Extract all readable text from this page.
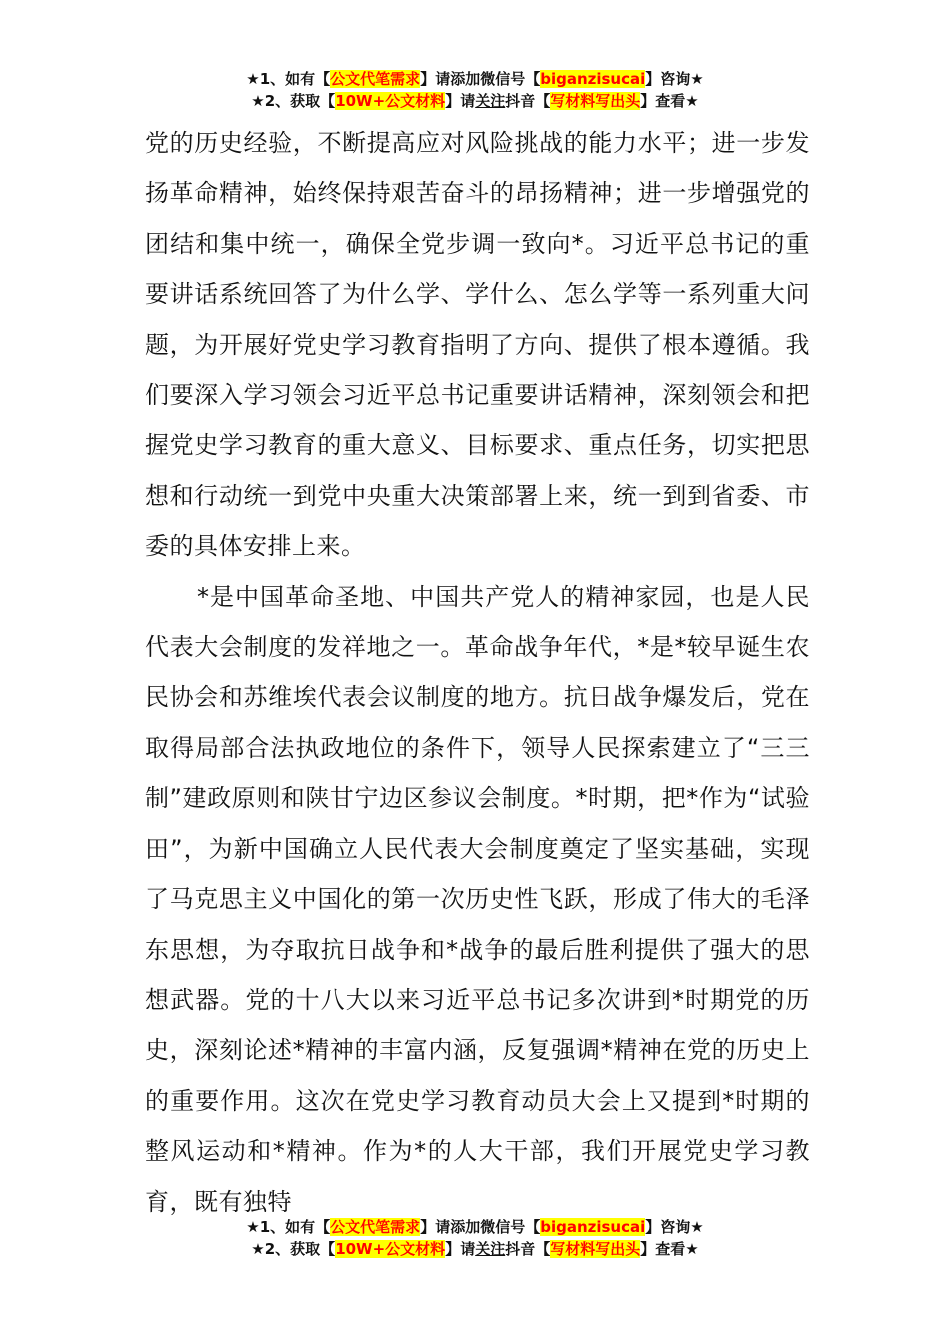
★1、如有【公文代笔需求】请添加微信号【biganzisucai】咨询★
★2、获取【10W+公文材料】请关注抖音【写材料写出头】查看★

党的历史经验，不断提高应对风险挑战的能力水平；进一步发扬革命精神，始终保持艰苦奋斗的昂扬精神；进一步增强党的团结和集中统一，确保全党步调一致向*。习近平总书记的重要讲话系统回答了为什么学、学什么、怎么学等一系列重大问题，为开展好党史学习教育指明了方向、提供了根本遵循。我们要深入学习领会习近平总书记重要讲话精神，深刻领会和把握党史学习教育的重大意义、目标要求、重点任务，切实把思想和行动统一到党中央重大决策部署上来，统一到到省委、市委的具体安排上来。

*是中国革命圣地、中国共产党人的精神家园，也是人民代表大会制度的发祥地之一。革命战争年代，*是*较早诞生农民协会和苏维埃代表会议制度的地方。抗日战争爆发后，党在取得局部合法执政地位的条件下，领导人民探索建立了“三三制”建政原则和陕甘宁边区参议会制度。*时期，把*作为“试验田”，为新中国确立人民代表大会制度奠定了坚实基础，实现了马克思主义中国化的第一次历史性飞跃，形成了伟大的毛泽东思想，为夺取抗日战争和*战争的最后胜利提供了强大的思想武器。党的十八大以来习近平总书记多次讲到*时期党的历史，深刻论述*精神的丰富内涵，反复强调*精神在党的历史上的重要作用。这次在党史学习教育动员大会上又提到*时期的整风运动和*精神。作为*的人大干部，我们开展党史学习教育，既有独特

★1、如有【公文代笔需求】请添加微信号【biganzisucai】咨询★
★2、获取【10W+公文材料】请关注抖音【写材料写出头】查看★
